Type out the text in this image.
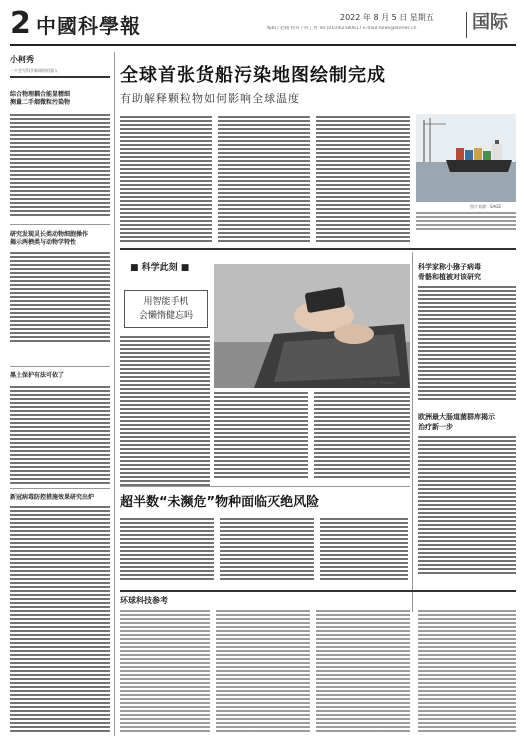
2 中國科學報	2022 年 8 月 5 日 星期五
编辑 / 赵路 校对 / 何工秀 Tel:(010)62580617 E-mail:news@stimes.cn	国际
小柯秀
一个会写科学新闻的机器人
综合物理耦合能显精细
测量二手烟微粒污染物
研究发现灵长类动物细胞操作
揭示两栖类与动物学特性
黑土保护有法可依了
新冠病毒防控措施效果研究出炉
全球首张货船污染地图绘制完成
有助解释颗粒物如何影响全球温度
图片来源：SAGE
■ 科学此刻 ■
用智能手机
会懒惰健忘吗
图片来源：Pixabay
科学家称小猕子病毒
骨骼和植被对该研究
欧洲最大肠道菌群库揭示
治疗新一步
超半数“未濒危”物种面临灭绝风险
环球科技参考
